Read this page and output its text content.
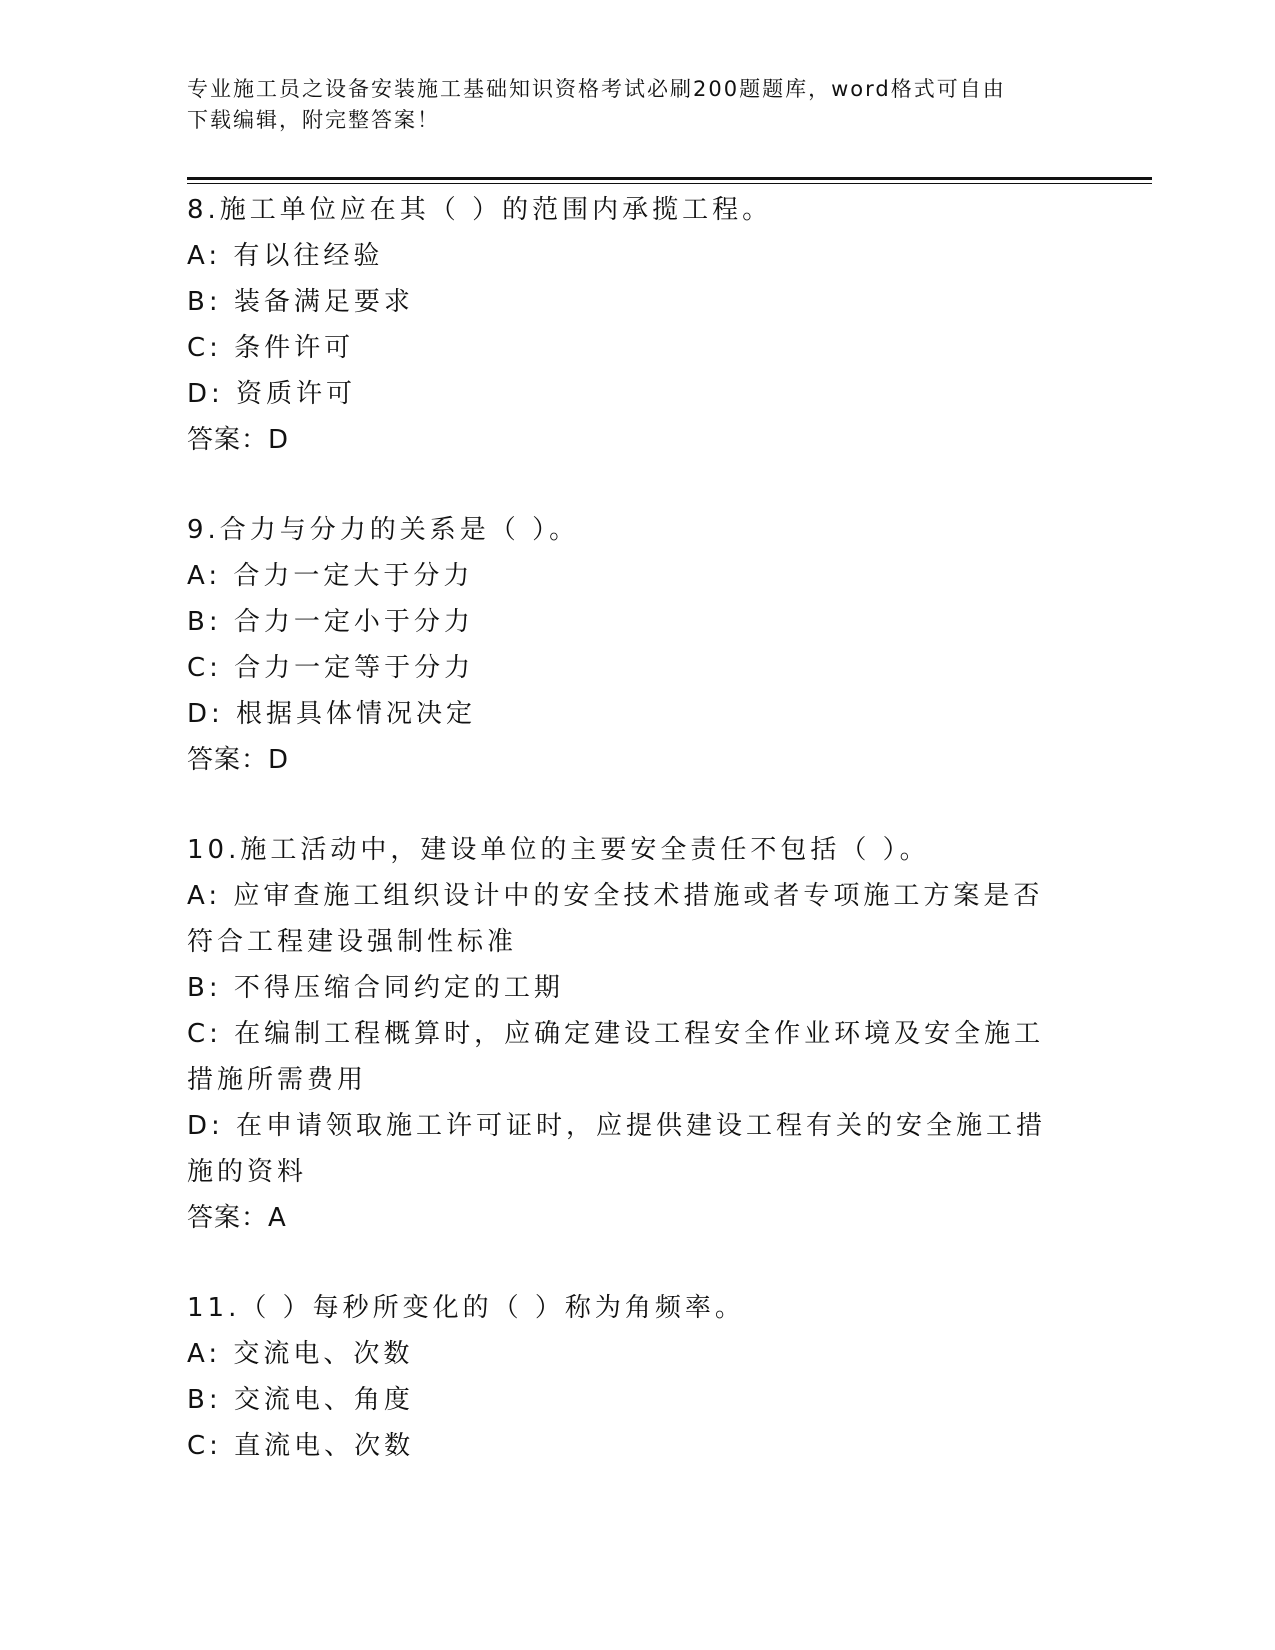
专业施工员之设备安装施工基础知识资格考试必刷200题题库，word格式可自由
下载编辑，附完整答案！
8.施工单位应在其（ ）的范围内承揽工程。
A: 有以往经验
B: 装备满足要求
C: 条件许可
D: 资质许可
答案：D
9.合力与分力的关系是（ ）。
A: 合力一定大于分力
B: 合力一定小于分力
C: 合力一定等于分力
D: 根据具体情况决定
答案：D
10.施工活动中，建设单位的主要安全责任不包括（ ）。
A: 应审查施工组织设计中的安全技术措施或者专项施工方案是否符合工程建设强制性标准
B: 不得压缩合同约定的工期
C: 在编制工程概算时，应确定建设工程安全作业环境及安全施工措施所需费用
D: 在申请领取施工许可证时，应提供建设工程有关的安全施工措施的资料
答案：A
11.（ ）每秒所变化的（ ）称为角频率。
A: 交流电、次数
B: 交流电、角度
C: 直流电、次数
